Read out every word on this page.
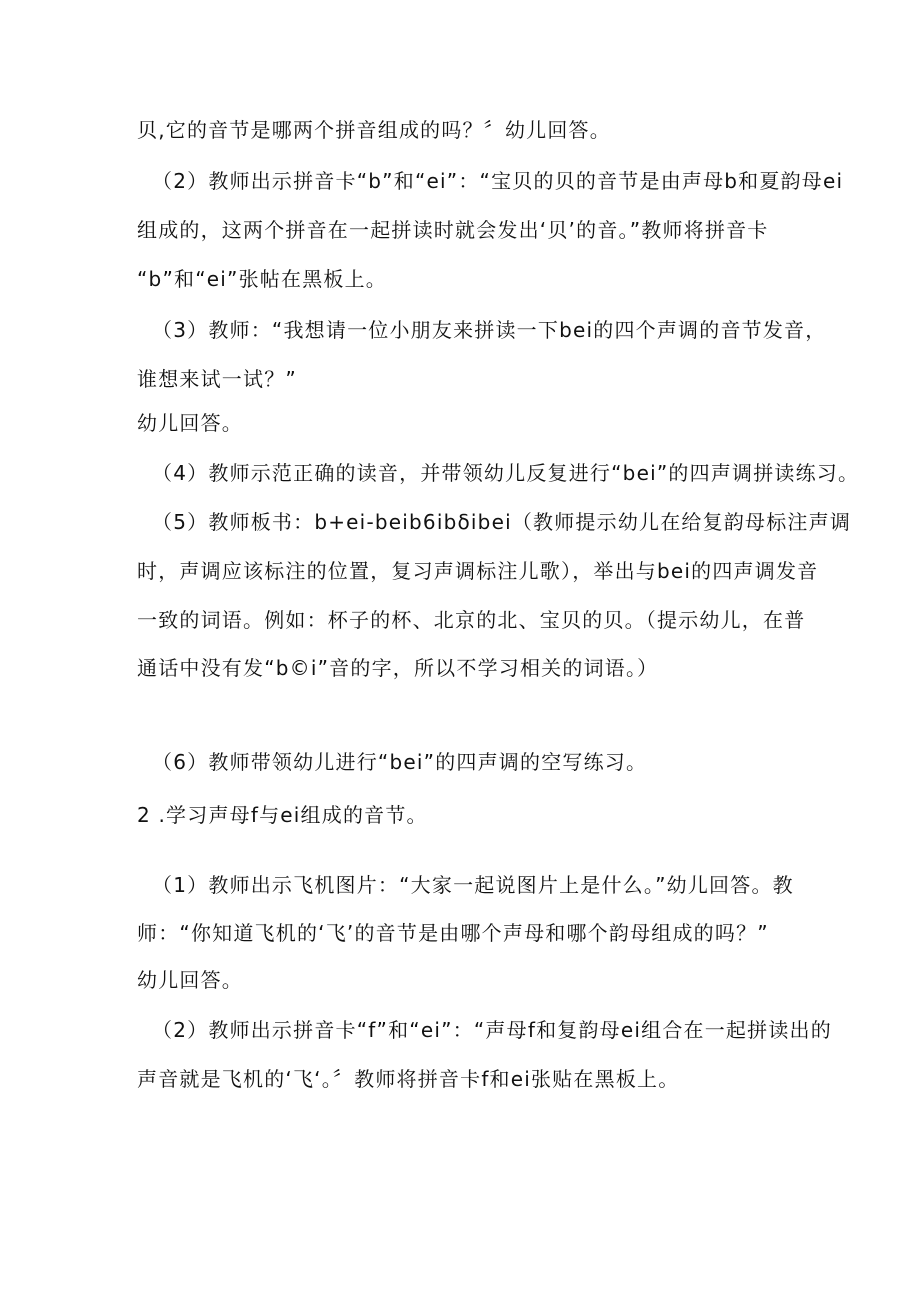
贝,它的音节是哪两个拼音组成的吗？〞幼儿回答。
（2）教师出示拼音卡“b”和“ei”：“宝贝的贝的音节是由声母b和夏韵母ei
组成的，这两个拼音在一起拼读时就会发出‘贝’的音。”教师将拼音卡
“b”和“ei”张帖在黑板上。
（3）教师：“我想请一位小朋友来拼读一下bei的四个声调的音节发音，
谁想来试一试？”
幼儿回答。
（4）教师示范正确的读音，并带领幼儿反复进行“bei”的四声调拼读练习。
（5）教师板书：b+ei-beib6ibδibei（教师提示幼儿在给复韵母标注声调
时，声调应该标注的位置，复习声调标注儿歌），举出与bei的四声调发音
一致的词语。例如：杯子的杯、北京的北、宝贝的贝。（提示幼儿，在普
通话中没有发“b©i”音的字，所以不学习相关的词语。）
（6）教师带领幼儿进行“bei”的四声调的空写练习。
2 .学习声母f与ei组成的音节。
（1）教师出示飞机图片：“大家一起说图片上是什么。”幼儿回答。教
师：“你知道飞机的‘飞’的音节是由哪个声母和哪个韵母组成的吗？”
幼儿回答。
（2）教师出示拼音卡“f”和“ei”：“声母f和复韵母ei组合在一起拼读出的
声音就是飞机的‘飞‘。〞教师将拼音卡f和ei张贴在黑板上。
